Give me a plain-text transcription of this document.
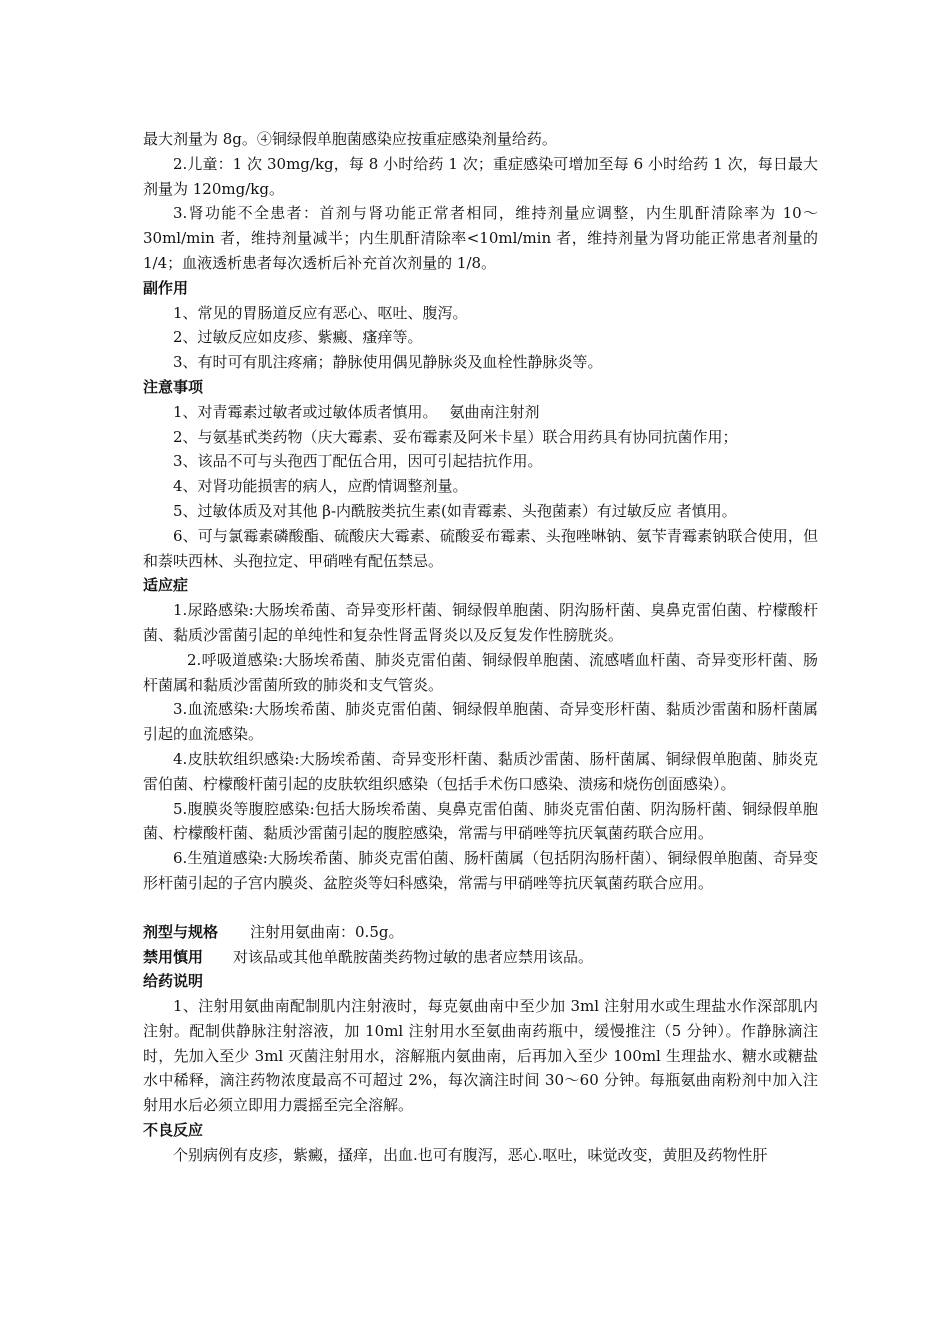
最大剂量为 8g。④铜绿假单胞菌感染应按重症感染剂量给药。

2.儿童：1 次 30mg/kg，每 8 小时给药 1 次；重症感染可增加至每 6 小时给药 1 次，每日最大剂量为 120mg/kg。

3.肾功能不全患者：首剂与肾功能正常者相同，维持剂量应调整，内生肌酐清除率为 10～30ml/min 者，维持剂量减半；内生肌酐清除率<10ml/min 者，维持剂量为肾功能正常患者剂量的 1/4；血液透析患者每次透析后补充首次剂量的 1/8。

副作用

1、常见的胃肠道反应有恶心、呕吐、腹泻。

2、过敏反应如皮疹、紫癜、瘙痒等。

3、有时可有肌注疼痛；静脉使用偶见静脉炎及血栓性静脉炎等。

注意事项

1、对青霉素过敏者或过敏体质者慎用。 氨曲南注射剂

2、与氨基甙类药物（庆大霉素、妥布霉素及阿米卡星）联合用药具有协同抗菌作用；

3、该品不可与头孢西丁配伍合用，因可引起拮抗作用。

4、对肾功能损害的病人，应酌情调整剂量。

5、过敏体质及对其他 β-内酰胺类抗生素(如青霉素、头孢菌素）有过敏反应 者慎用。

6、可与氯霉素磷酸酯、硫酸庆大霉素、硫酸妥布霉素、头孢唑啉钠、氨苄青霉素钠联合使用，但和萘呋西林、头孢拉定、甲硝唑有配伍禁忌。

适应症

1.尿路感染:大肠埃希菌、奇异变形杆菌、铜绿假单胞菌、阴沟肠杆菌、臭鼻克雷伯菌、柠檬酸杆菌、黏质沙雷菌引起的单纯性和复杂性肾盂肾炎以及反复发作性膀胱炎。

2.呼吸道感染:大肠埃希菌、肺炎克雷伯菌、铜绿假单胞菌、流感嗜血杆菌、奇异变形杆菌、肠杆菌属和黏质沙雷菌所致的肺炎和支气管炎。

3.血流感染:大肠埃希菌、肺炎克雷伯菌、铜绿假单胞菌、奇异变形杆菌、黏质沙雷菌和肠杆菌属引起的血流感染。

4.皮肤软组织感染:大肠埃希菌、奇异变形杆菌、黏质沙雷菌、肠杆菌属、铜绿假单胞菌、肺炎克雷伯菌、柠檬酸杆菌引起的皮肤软组织感染（包括手术伤口感染、溃疡和烧伤创面感染）。

5.腹膜炎等腹腔感染:包括大肠埃希菌、臭鼻克雷伯菌、肺炎克雷伯菌、阴沟肠杆菌、铜绿假单胞菌、柠檬酸杆菌、黏质沙雷菌引起的腹腔感染，常需与甲硝唑等抗厌氧菌药联合应用。

6.生殖道感染:大肠埃希菌、肺炎克雷伯菌、肠杆菌属（包括阴沟肠杆菌）、铜绿假单胞菌、奇异变形杆菌引起的子宫内膜炎、盆腔炎等妇科感染，常需与甲硝唑等抗厌氧菌药联合应用。

剂型与规格 注射用氨曲南：0.5g。

禁用慎用 对该品或其他单酰胺菌类药物过敏的患者应禁用该品。

给药说明

1、注射用氨曲南配制肌内注射液时，每克氨曲南中至少加 3ml 注射用水或生理盐水作深部肌内注射。配制供静脉注射溶液，加 10ml 注射用水至氨曲南药瓶中，缓慢推注（5 分钟）。作静脉滴注时，先加入至少 3ml 灭菌注射用水，溶解瓶内氨曲南，后再加入至少 100ml 生理盐水、糖水或糖盐水中稀释，滴注药物浓度最高不可超过 2%，每次滴注时间 30～60 分钟。每瓶氨曲南粉剂中加入注射用水后必须立即用力震摇至完全溶解。

不良反应

个别病例有皮疹，紫癜，搔痒，出血.也可有腹泻，恶心.呕吐，味觉改变，黄胆及药物性肝
